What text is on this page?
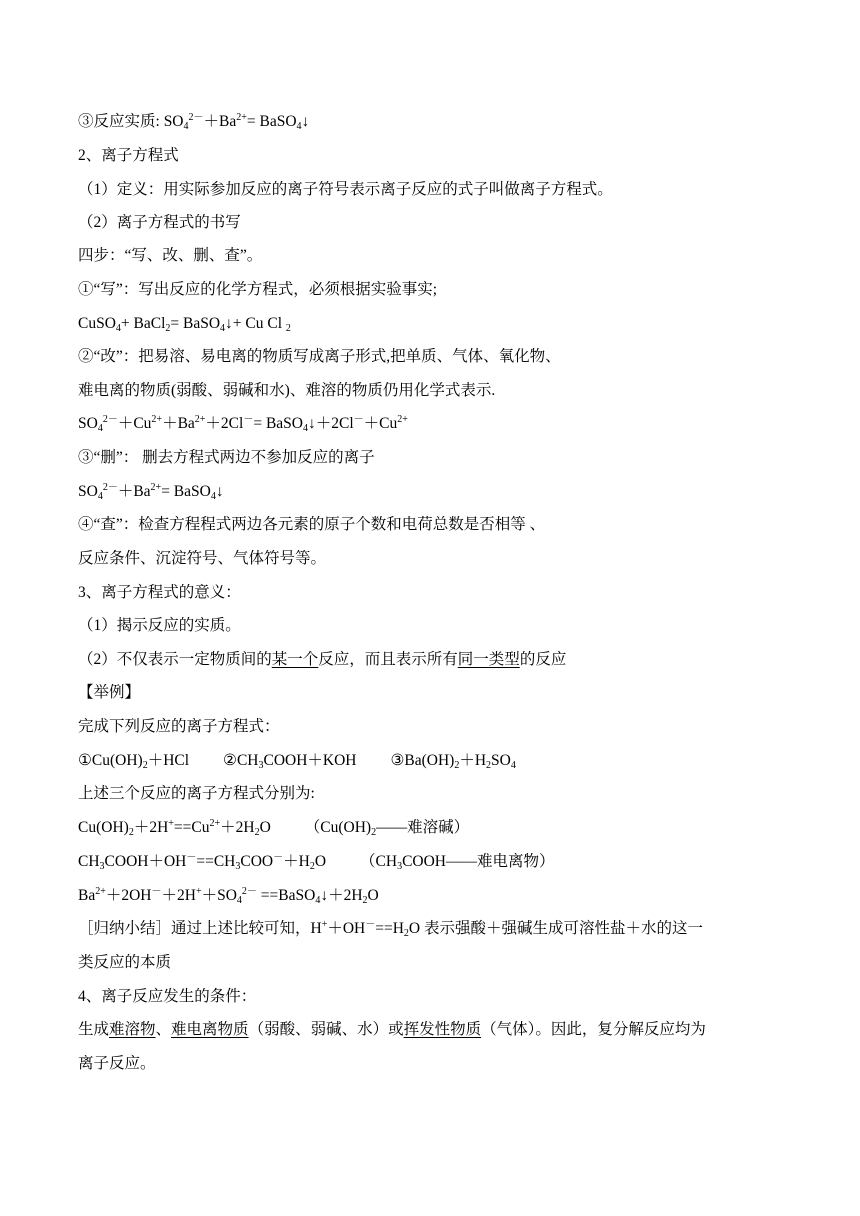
③反应实质: $SO_4^{2-}+Ba^{2+}=$ BaSO$_4$↓
2、离子方程式
（1）定义：用实际参加反应的离子符号表示离子反应的式子叫做离子方程式。
（2）离子方程式的书写
四步：“写、改、删、查”。
①“写”：写出反应的化学方程式，必须根据实验事实;
CuSO$_4$+ BaCl$_2$= BaSO$_4$↓+ Cu Cl $_2$
②“改”：把易溶、易电离的物质写成离子形式,把单质、气体、氧化物、
难电离的物质(弱酸、弱碱和水)、难溶的物质仍用化学式表示.
$SO_4^{2-}+Cu^{2+}+Ba^{2+}+2Cl^-=$ $BaSO_4↓+2Cl^-+Cu^{2+}$
③“删”： 删去方程式两边不参加反应的离子
$SO_4^{2-}+Ba^{2+}=$ BaSO$_4$↓
④“查”：检查方程程式两边各元素的原子个数和电荷总数是否相等 、
反应条件、沉淀符号、气体符号等。
3、离子方程式的意义：
（1）揭示反应的实质。
（2）不仅表示一定物质间的某一个反应，而且表示所有同一类型的反应
【举例】
完成下列反应的离子方程式：
$①Cu(OH)_2+HCl$ $②CH_3COOH+KOH$ $③Ba(OH)_2+H_2SO_4$
上述三个反应的离子方程式分别为:
$Cu(OH)_2+2H^+==Cu^{2+}+2H_2O$ （$Cu(OH)_2——$难溶碱）
$CH_3COOH+OH^-==CH_3COO^-+H_2O$ （$CH_3COOH——$难电离物）
$Ba^{2+}+2OH^-+2H^++SO_4^{2-}$ $==BaSO_4↓+2H_2O$
［归纳小结］通过上述比较可知，$H^++OH^-==H_2O$ 表示强酸＋强碱生成可溶性盐＋水的这一
类反应的本质
4、离子反应发生的条件：
生成难溶物、难电离物质（弱酸、弱碱、水）或挥发性物质（气体）。因此，复分解反应均为
离子反应。
